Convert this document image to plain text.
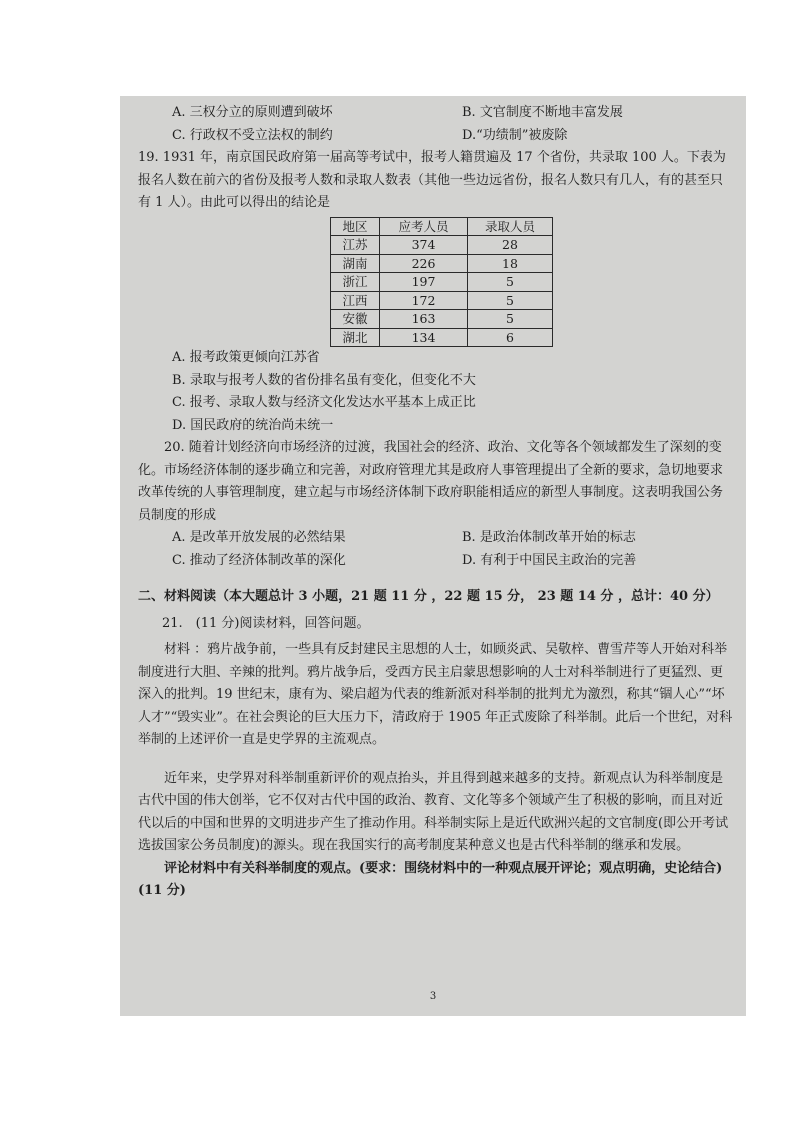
A. 三权分立的原则遭到破坏	B. 文官制度不断地丰富发展
C. 行政权不受立法权的制约	D.“功绩制”被废除

19. 1931 年，南京国民政府第一届高等考试中，报考人籍贯遍及 17 个省份，共录取 100 人。下表为报名人数在前六的省份及报考人数和录取人数表（其他一些边远省份，报名人数只有几人，有的甚至只有 1 人）。由此可以得出的结论是

地区	应考人员	录取人员
江苏	374	28
湖南	226	18
浙江	197	5
江西	172	5
安徽	163	5
湖北	134	6

A. 报考政策更倾向江苏省

B. 录取与报考人数的省份排名虽有变化，但变化不大

C. 报考、录取人数与经济文化发达水平基本上成正比

D. 国民政府的统治尚未统一

20. 随着计划经济向市场经济的过渡，我国社会的经济、政治、文化等各个领域都发生了深刻的变化。市场经济体制的逐步确立和完善，对政府管理尤其是政府人事管理提出了全新的要求，急切地要求改革传统的人事管理制度，建立起与市场经济体制下政府职能相适应的新型人事制度。这表明我国公务员制度的形成

A. 是改革开放发展的必然结果	B. 是政治体制改革开始的标志
C. 推动了经济体制改革的深化	D. 有利于中国民主政治的完善

二、材料阅读（本大题总计 3 小题，21 题 11 分 ，22 题 15 分， 23 题 14 分 ，总计：40 分）

21.　(11 分)阅读材料，回答问题。

材料 ：鸦片战争前，一些具有反封建民主思想的人士，如顾炎武、吴敬梓、曹雪芹等人开始对科举制度进行大胆、辛辣的批判。鸦片战争后，受西方民主启蒙思想影响的人士对科举制进行了更猛烈、更深入的批判。19 世纪末，康有为、梁启超为代表的维新派对科举制的批判尤为激烈，称其“锢人心”“坏人才”“毁实业”。在社会舆论的巨大压力下，清政府于 1905 年正式废除了科举制。此后一个世纪，对科举制的上述评价一直是史学界的主流观点。

近年来，史学界对科举制重新评价的观点抬头，并且得到越来越多的支持。新观点认为科举制度是古代中国的伟大创举，它不仅对古代中国的政治、教育、文化等多个领域产生了积极的影响，而且对近代以后的中国和世界的文明进步产生了推动作用。科举制实际上是近代欧洲兴起的文官制度(即公开考试选拔国家公务员制度)的源头。现在我国实行的高考制度某种意义也是古代科举制的继承和发展。

评论材料中有关科举制度的观点。(要求：围绕材料中的一种观点展开评论；观点明确，史论结合)(11 分)

3
